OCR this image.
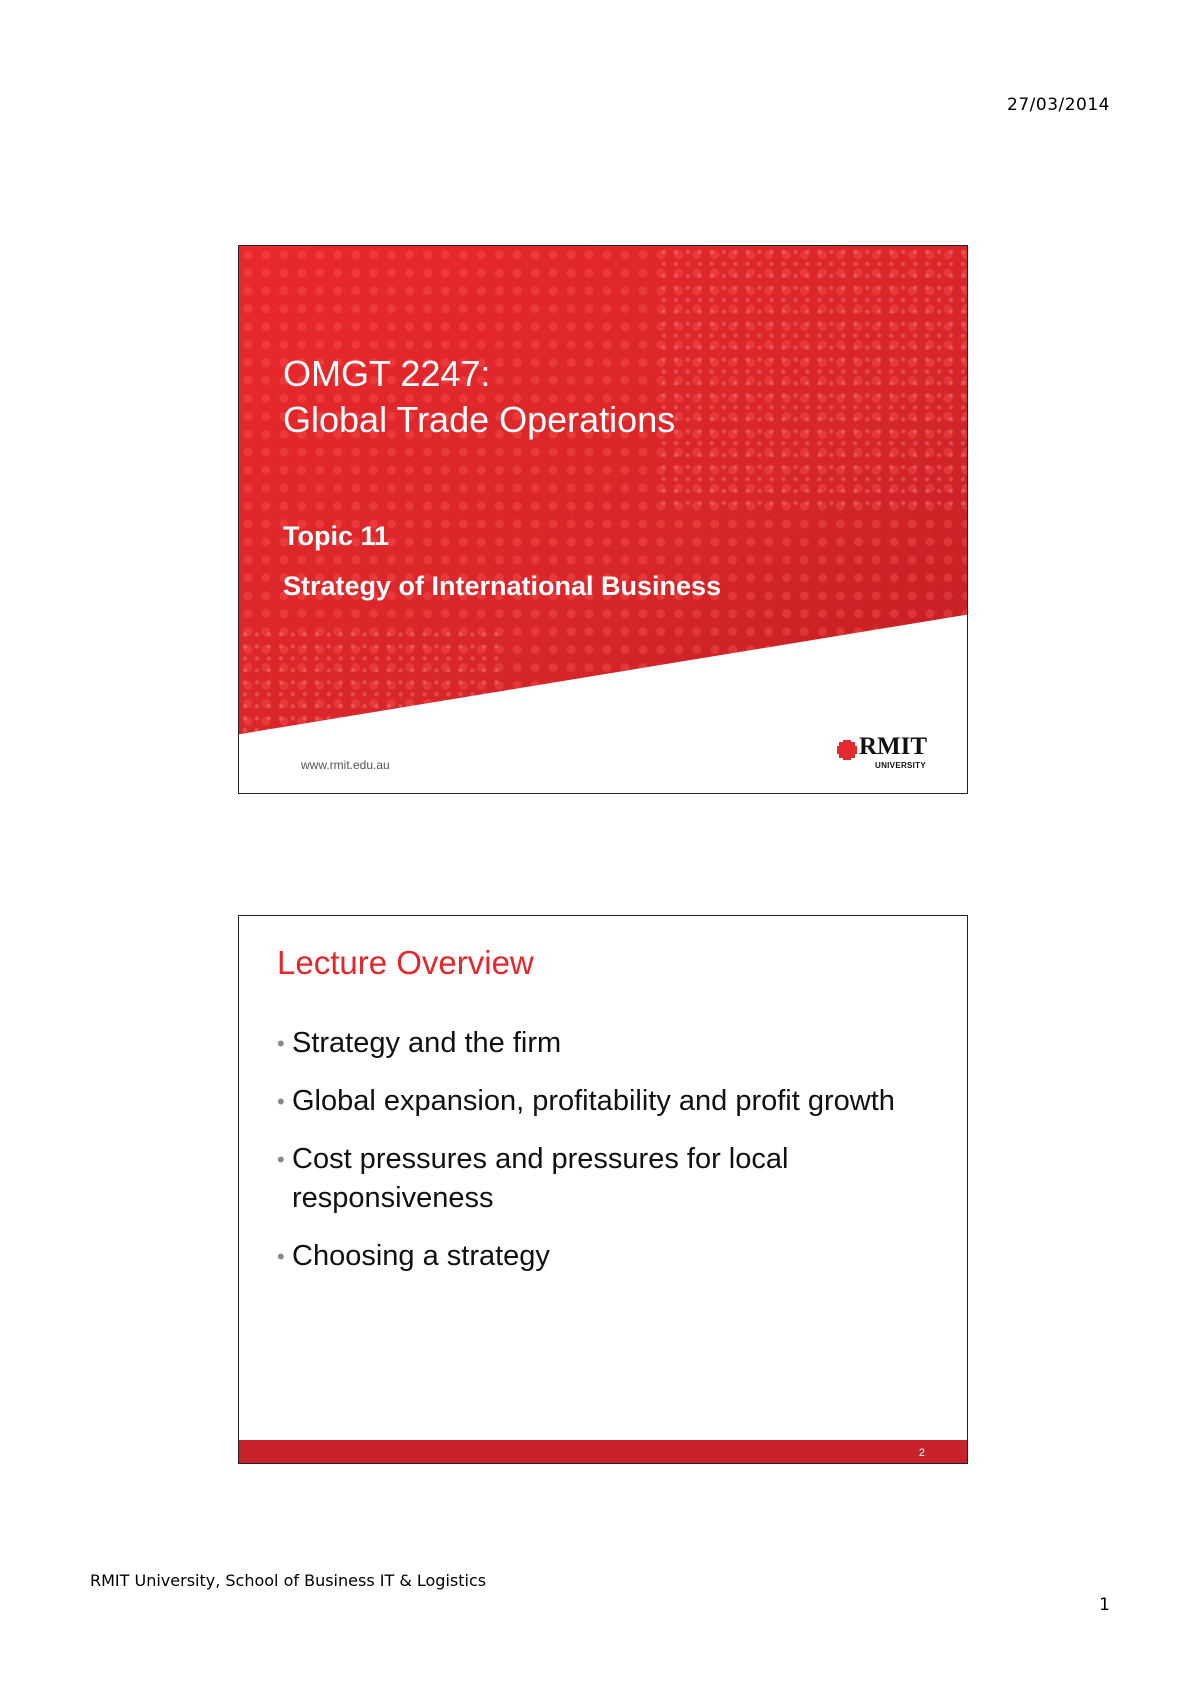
27/03/2014
OMGT 2247:
Global Trade Operations
Topic 11
Strategy of International Business
www.rmit.edu.au
RMIT
UNIVERSITY
Lecture Overview
• Strategy and the firm
• Global expansion, profitability and profit growth
• Cost pressures and pressures for local responsiveness
• Choosing a strategy
2
RMIT University, School of Business IT & Logistics
1
